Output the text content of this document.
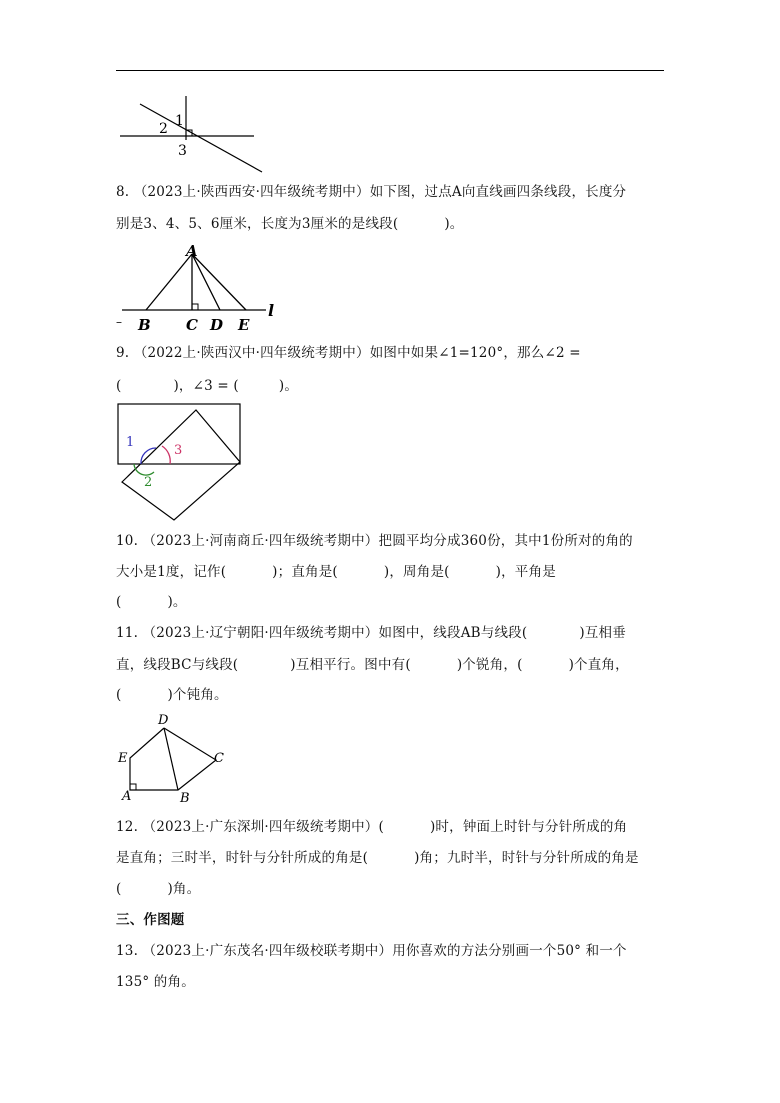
1
2
3
8. （2023上·陕西西安·四年级统考期中）如下图，过点A向直线画四条线段，长度分
别是3、4、5、6厘米，长度为3厘米的是线段(	)。
A
B C D E
l
–
9. （2022上·陕西汉中·四年级统考期中）如图中如果∠1=120°，那么∠2 =
(	)，∠3 = (	)。
1
2
3
10. （2023上·河南商丘·四年级统考期中）把圆平均分成360份，其中1份所对的角的
大小是1度，记作(	)；直角是(	)，周角是(	)，平角是
(	)。
11. （2023上·辽宁朝阳·四年级统考期中）如图中，线段AB与线段(	)互相垂
直，线段BC与线段(	)互相平行。图中有(	)个锐角，(	)个直角，
(	)个钝角。
D
E	C
A	B
12. （2023上·广东深圳·四年级统考期中）(	)时，钟面上时针与分针所成的角
是直角；三时半，时针与分针所成的角是(	)角；九时半，时针与分针所成的角是
(	)角。
三、作图题
13. （2023上·广东茂名·四年级校联考期中）用你喜欢的方法分别画一个50° 和一个
135° 的角。
